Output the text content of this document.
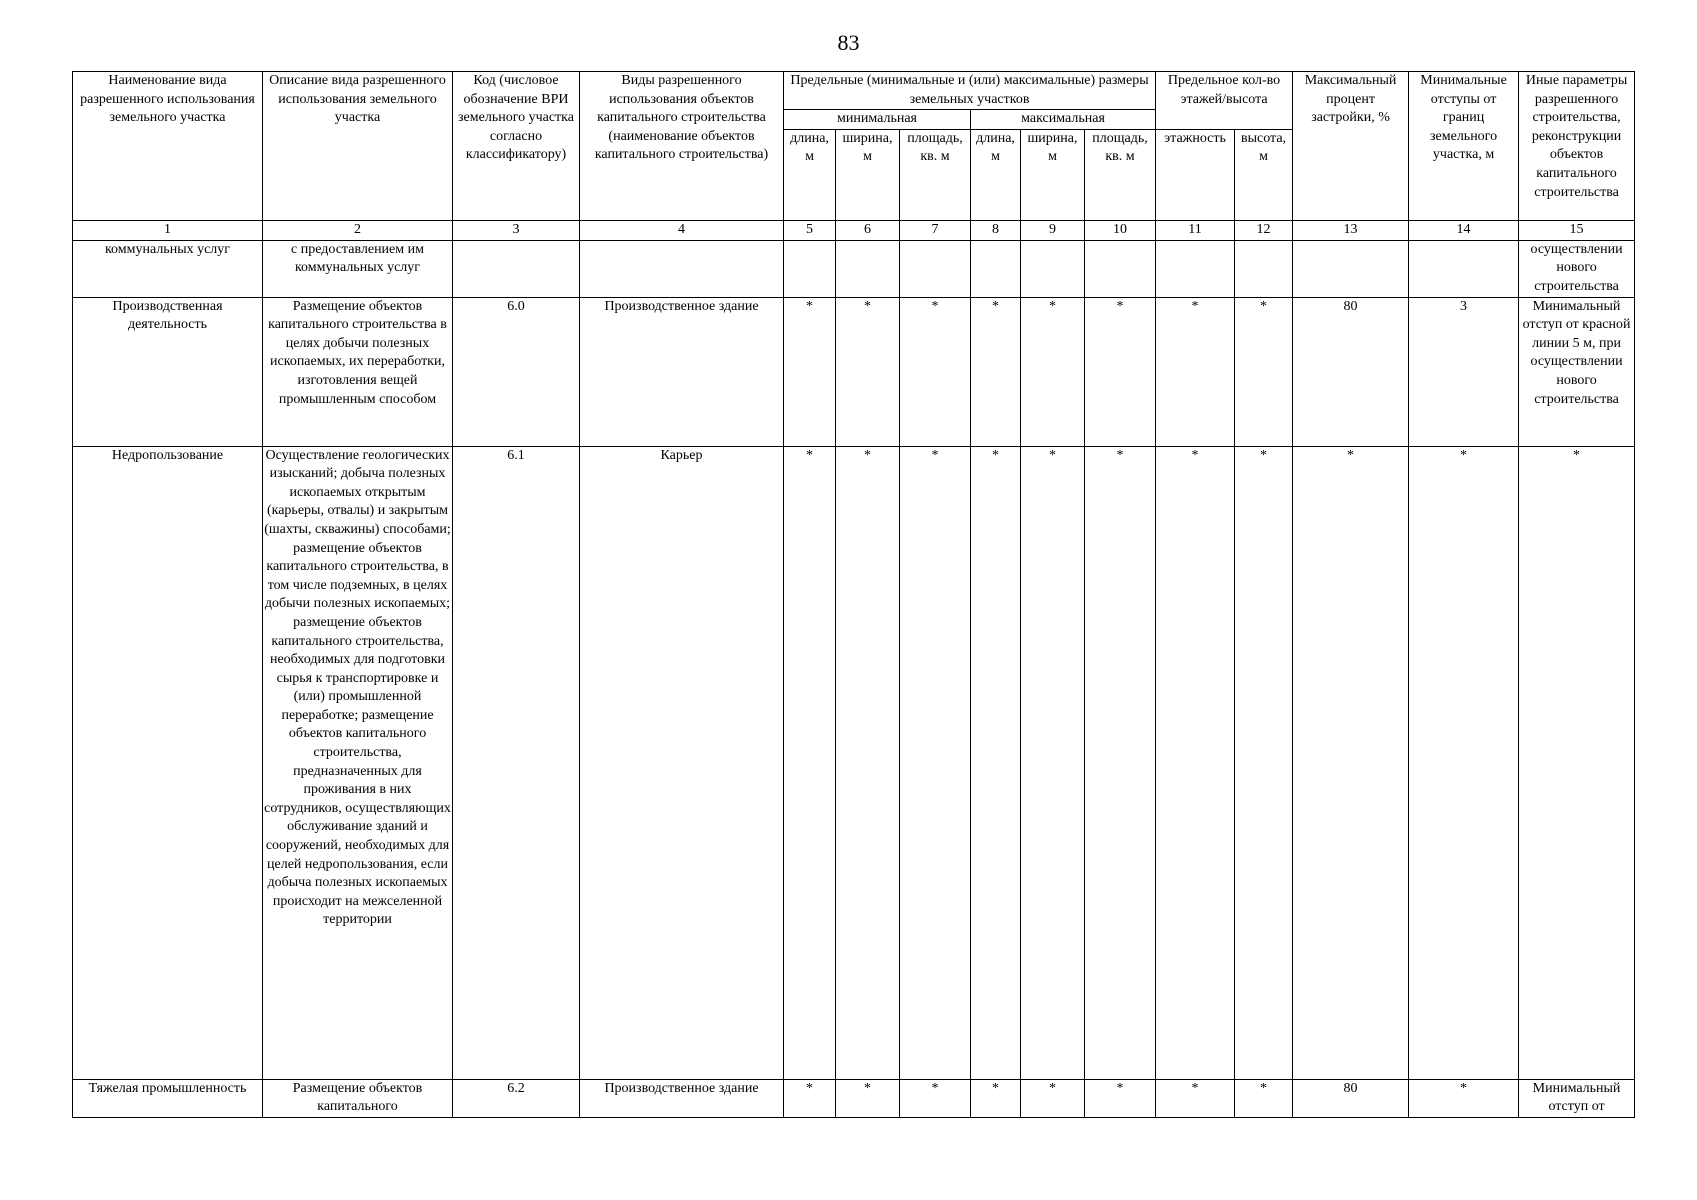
83
Наименование вида разрешенного использования земельного участка	Описание вида разрешенного использования земельного участка	Код (числовое обозначение ВРИ земельного участка согласно классификатору)	Виды разрешенного использования объектов капитального строительства (наименование объектов капитального строительства)	Предельные (минимальные и (или) максимальные) размеры земельных участков						Предельное кол-во этажей/высота		Максимальный процент застройки, %	Минимальные отступы от границ земельного участка, м	Иные параметры разрешенного строительства, реконструкции объектов капитального строительства
				минимальная			максимальная							
				длина, м	ширина, м	площадь, кв. м	длина, м	ширина, м	площадь, кв. м	этажность	высота, м			
1	2	3	4	5	6	7	8	9	10	11	12	13	14	15
коммунальных услуг	с предоставлением им коммунальных услуг													осуществлении нового строительства
Производственная деятельность	Размещение объектов капитального строительства в целях добычи полезных ископаемых, их переработки, изготовления вещей промышленным способом	6.0	Производственное здание	*	*	*	*	*	*	*	*	80	3	Минимальный отступ от красной линии 5 м, при осуществлении нового строительства
Недропользование	Осуществление геологических изысканий; добыча полезных ископаемых открытым (карьеры, отвалы) и закрытым (шахты, скважины) способами; размещение объектов капитального строительства, в том числе подземных, в целях добычи полезных ископаемых; размещение объектов капитального строительства, необходимых для подготовки сырья к транспортировке и (или) промышленной переработке; размещение объектов капитального строительства, предназначенных для проживания в них сотрудников, осуществляющих обслуживание зданий и сооружений, необходимых для целей недропользования, если добыча полезных ископаемых происходит на межселенной территории	6.1	Карьер	*	*	*	*	*	*	*	*	*	*	*
Тяжелая промышленность	Размещение объектов капитального	6.2	Производственное здание	*	*	*	*	*	*	*	*	80	*	Минимальный отступ от
